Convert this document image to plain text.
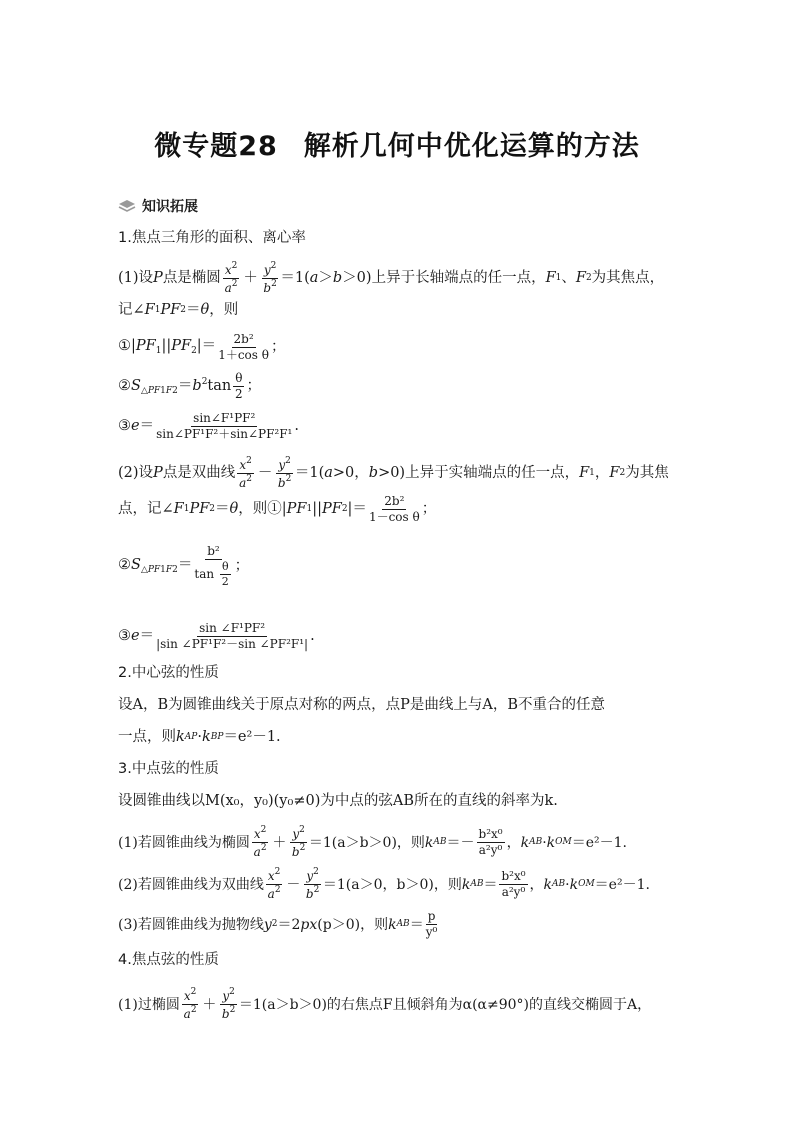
微专题28 解析几何中优化运算的方法
知识拓展
1.焦点三角形的面积、离心率
(1)设 P 点是椭圆 $\frac{x^2}{a^2} + \frac{y^2}{b^2} =1(a>b>0)$ 上异于长轴端点的任一点， F 1 、 F 2 为其焦点，
记∠ F 1 PF 2 ＝ θ ，则
$①|PF_1||PF_2|= \frac{\text{2b²}}{\text{1＋cos θ}}$ ；
$②S_{\triangle PF1F2}=b^2\tan \frac{\theta}{2}$ ；
③e＝ $\frac{\text{sin∠F¹PF²}}{\text{sin∠PF¹F²＋sin∠PF²F¹}}$ .
(2)设 P 点是双曲线 $\frac{x^2}{a^2} - \frac{y^2}{b^2} =1(a>0$，b>0) 上异于实轴端点的任一点， F 1 ， F 2 为其焦
点，记∠ F 1 PF 2 ＝ θ ，则① | PF 1 || PF 2 |＝ $\frac{\text{2b²}}{\text{1－cos θ}}$ ；
$②S_{\triangle PF1F2}= \frac{\text{b²}}{\tan \frac{\theta}{2}}$ ；
③e＝ $\frac{\text{sin ∠F¹PF²}}{\text{|sin ∠PF¹F²－sin ∠PF²F¹|}}$ .
2.中心弦的性质
设A，B为圆锥曲线关于原点对称的两点，点P是曲线上与A，B不重合的任意
一点，则 k AP · k BP ＝e²－1.
3.中点弦的性质
设圆锥曲线以M(x₀，y₀)(y₀≠0)为中点的弦AB所在的直线的斜率为k.
(1)若圆锥曲线为椭圆 $\frac{x^2}{a^2} + \frac{y^2}{b^2} =1(a>b>0)$，则 k AB ＝－ $\frac{\text{b²x⁰}}{\text{a²y⁰}}$ ， k AB · k OM ＝e²－1.
(2)若圆锥曲线为双曲线 $\frac{x^2}{a^2} - \frac{y^2}{b^2} =1(a>0$，b＞0)，则 k AB ＝ $\frac{\text{b²x⁰}}{\text{a²y⁰}}$ ， k AB · k OM ＝e²－1.
(3)若圆锥曲线为抛物线 y 2 ＝2 px (p＞0)，则 k AB ＝ $\frac{p}{\text{y⁰}}$
4.焦点弦的性质
(1)过椭圆 $\frac{x^2}{a^2} + \frac{y^2}{b^2} =1(a>b>0)$的右焦点F且倾斜角为α(α≠90°)的直线交椭圆于A，
